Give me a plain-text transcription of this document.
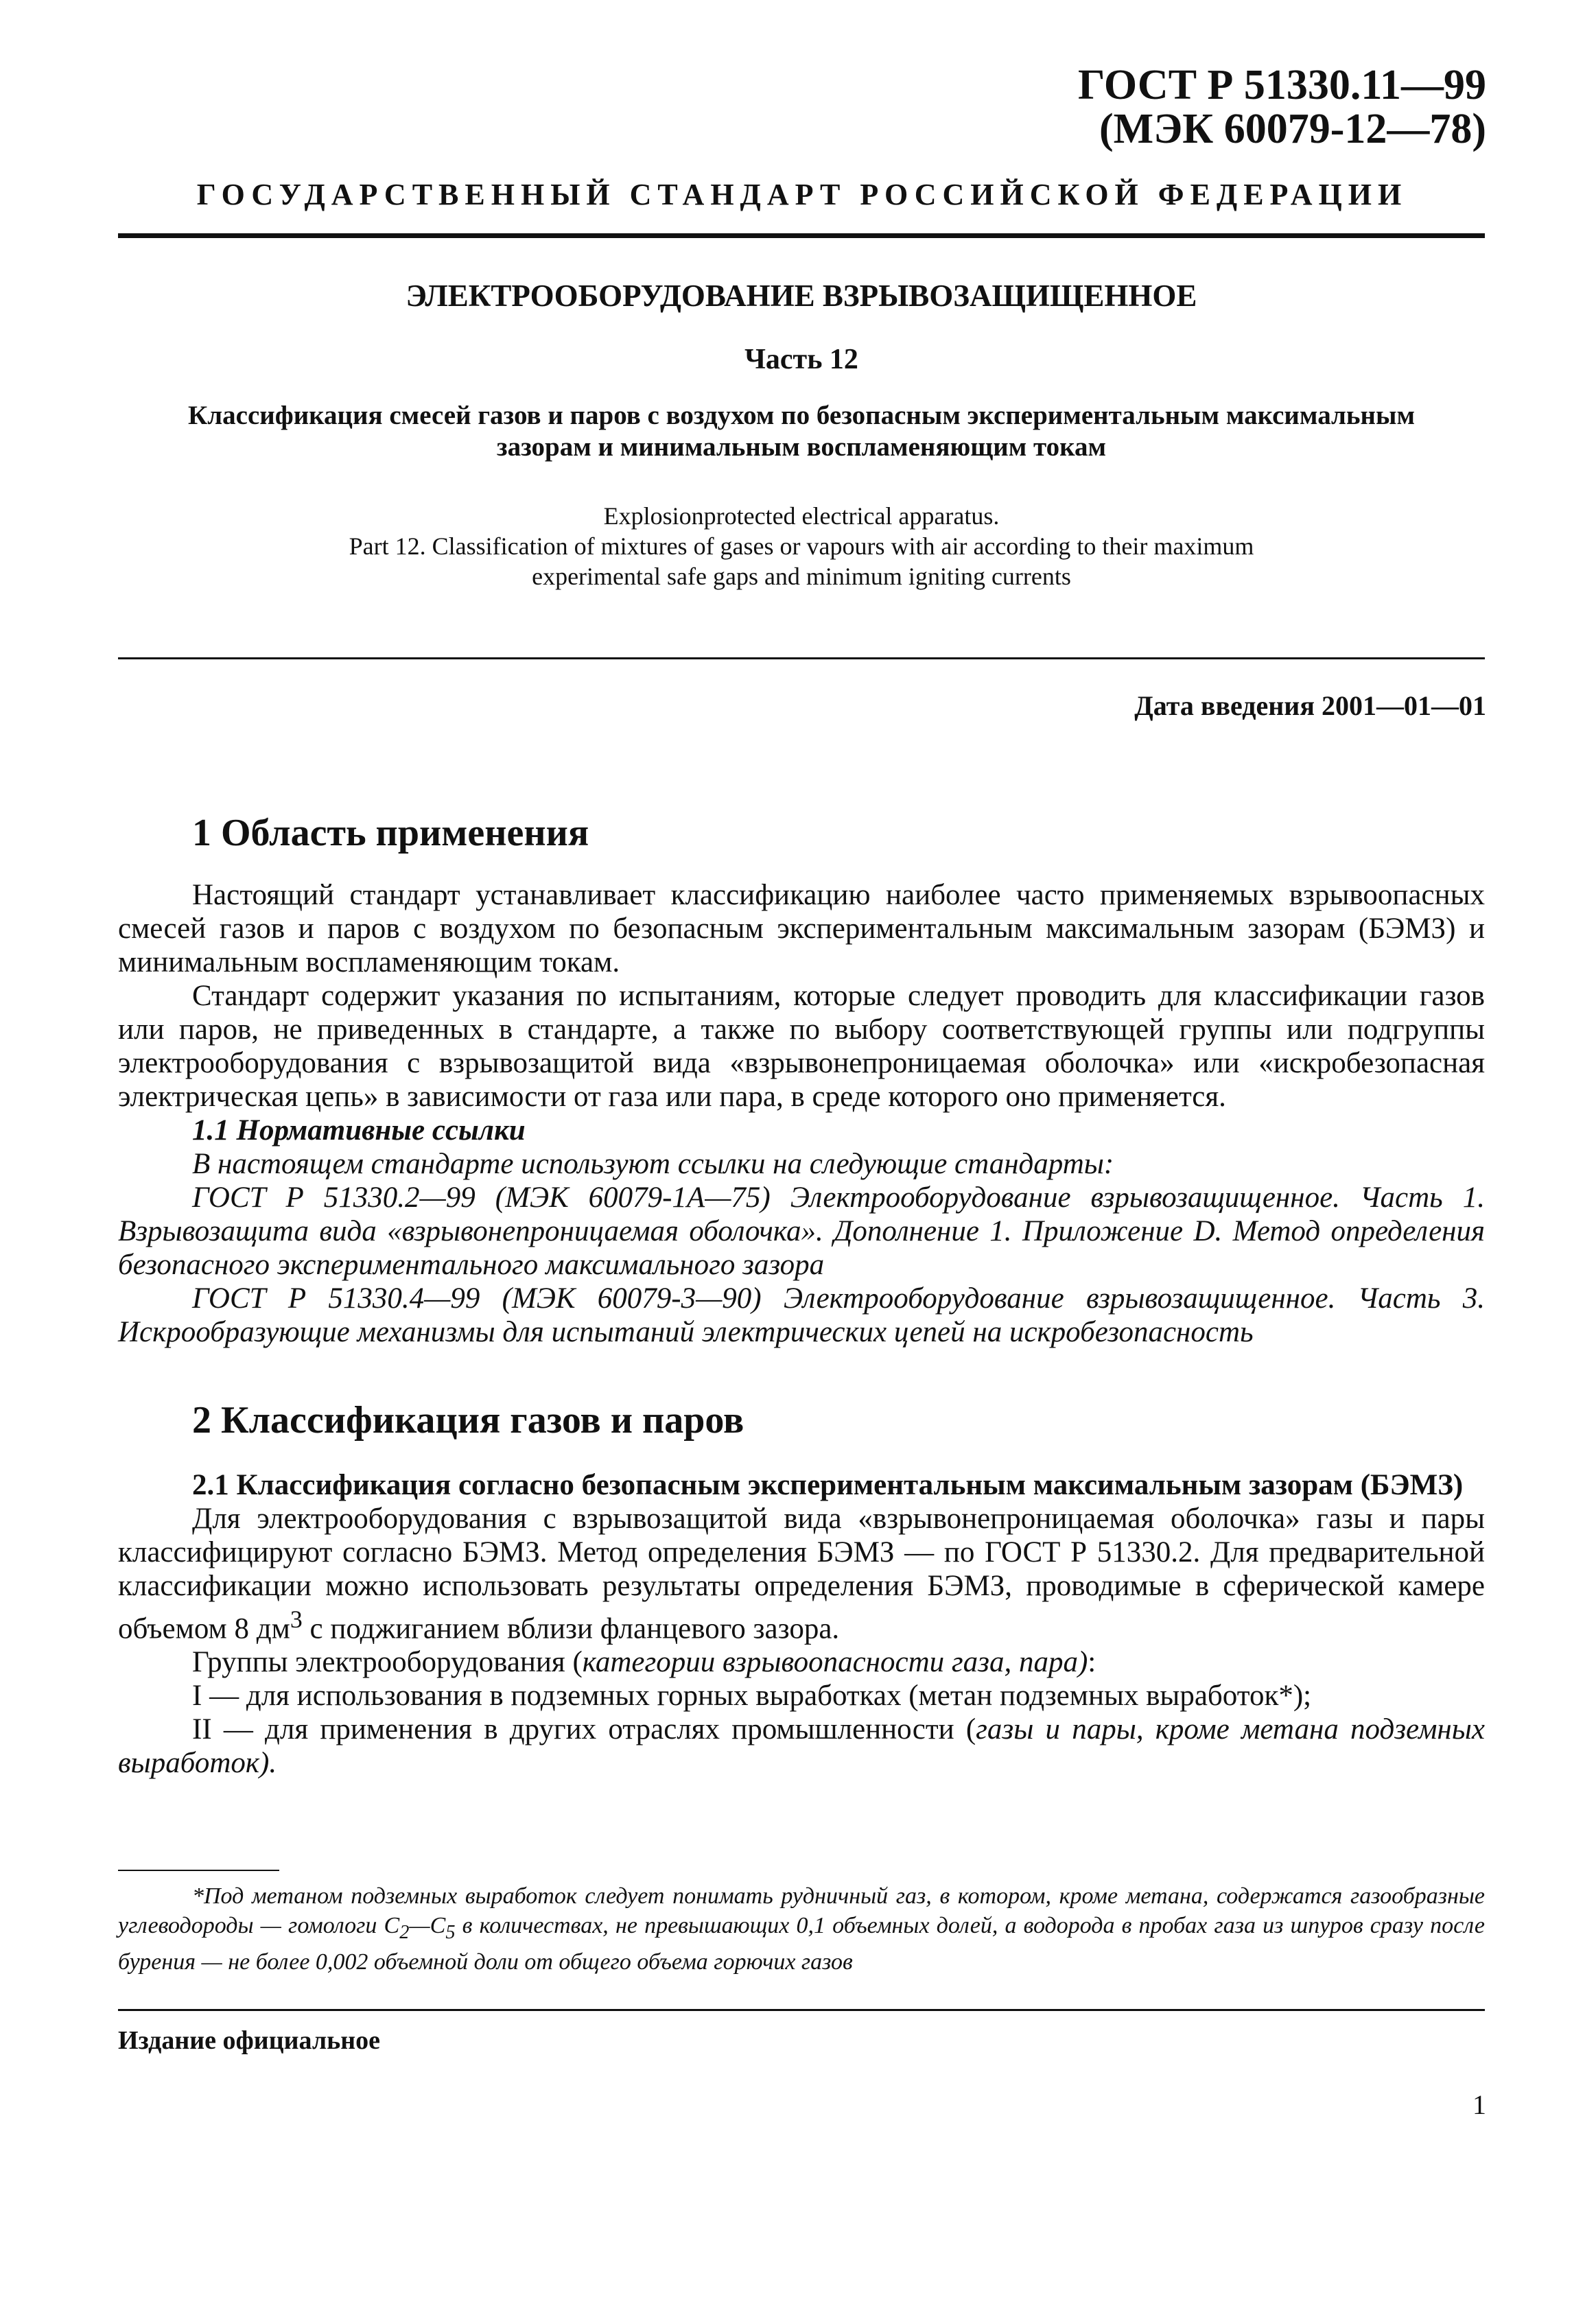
ГОСТ Р 51330.11—99
(МЭК 60079-12—78)
ГОСУДАРСТВЕННЫЙ СТАНДАРТ РОССИЙСКОЙ ФЕДЕРАЦИИ
ЭЛЕКТРООБОРУДОВАНИЕ ВЗРЫВОЗАЩИЩЕННОЕ
Часть 12
Классификация смесей газов и паров с воздухом по безопасным экспериментальным максимальным
зазорам и минимальным воспламеняющим токам
Explosionprotected electrical apparatus.
Part 12. Classification of mixtures of gases or vapours with air according to their maximum
experimental safe gaps and minimum igniting currents
Дата введения 2001—01—01
1 Область применения

Настоящий стандарт устанавливает классификацию наиболее часто применяемых взрывоопасных смесей газов и паров с воздухом по безопасным экспериментальным максимальным зазорам (БЭМЗ) и минимальным воспламеняющим токам.

Стандарт содержит указания по испытаниям, которые следует проводить для классификации газов или паров, не приведенных в стандарте, а также по выбору соответствующей группы или подгруппы электрооборудования с взрывозащитой вида «взрывонепроницаемая оболочка» или «искробезопасная электрическая цепь» в зависимости от газа или пара, в среде которого оно применяется.

1.1 Нормативные ссылки

В настоящем стандарте используют ссылки на следующие стандарты:

ГОСТ Р 51330.2—99 (МЭК 60079-1А—75) Электрооборудование взрывозащищенное. Часть 1. Взрывозащита вида «взрывонепроницаемая оболочка». Дополнение 1. Приложение D. Метод определения безопасного экспериментального максимального зазора

ГОСТ Р 51330.4—99 (МЭК 60079-3—90) Электрооборудование взрывозащищенное. Часть 3. Искрообразующие механизмы для испытаний электрических цепей на искробезопасность

2 Классификация газов и паров

2.1 Классификация согласно безопасным экспериментальным максимальным зазорам (БЭМЗ)

Для электрооборудования с взрывозащитой вида «взрывонепроницаемая оболочка» газы и пары классифицируют согласно БЭМЗ. Метод определения БЭМЗ — по ГОСТ Р 51330.2. Для предварительной классификации можно использовать результаты определения БЭМЗ, проводимые в сферической камере объемом 8 $дм^3$ с поджиганием вблизи фланцевого зазора.

Группы электрооборудования (категории взрывоопасности газа, пара):

I — для использования в подземных горных выработках (метан подземных выработок*);

II — для применения в других отраслях промышленности (газы и пары, кроме метана подземных выработок).

*Под метаном подземных выработок следует понимать рудничный газ, в котором, кроме метана, содержатся газообразные углеводороды — гомологи $C_2—C_5$ в количествах, не превышающих 0,1 объемных долей, а водорода в пробах газа из шпуров сразу после бурения — не более 0,002 объемной доли от общего объема горючих газов

Издание официальное
1
